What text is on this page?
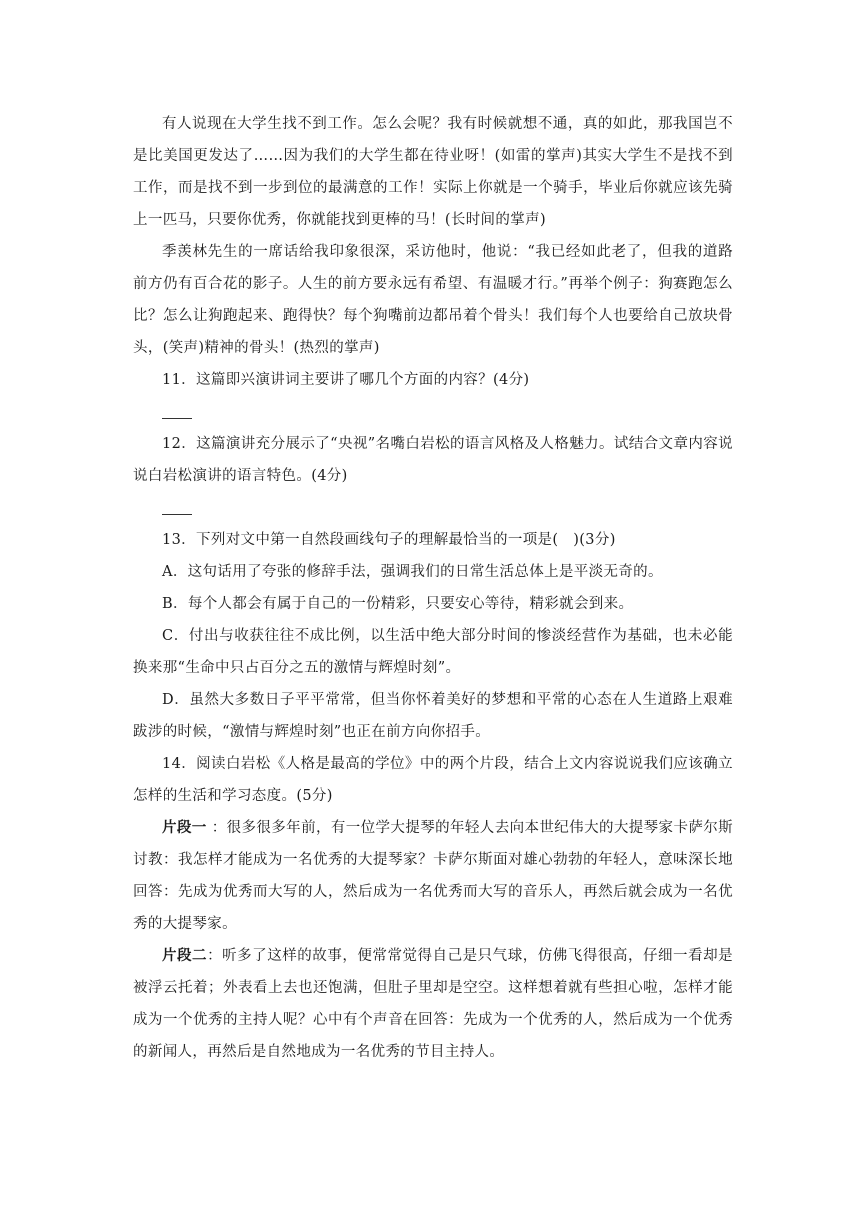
有人说现在大学生找不到工作。怎么会呢？我有时候就想不通，真的如此，那我国岂不是比美国更发达了……因为我们的大学生都在待业呀！(如雷的掌声)其实大学生不是找不到工作，而是找不到一步到位的最满意的工作！实际上你就是一个骑手，毕业后你就应该先骑上一匹马，只要你优秀，你就能找到更棒的马！(长时间的掌声)

季羡林先生的一席话给我印象很深，采访他时，他说：“我已经如此老了，但我的道路前方仍有百合花的影子。人生的前方要永远有希望、有温暖才行。”再举个例子：狗赛跑怎么比？怎么让狗跑起来、跑得快？每个狗嘴前边都吊着个骨头！我们每个人也要给自己放块骨头，(笑声)精神的骨头！(热烈的掌声)

11．这篇即兴演讲词主要讲了哪几个方面的内容？(4分)

12．这篇演讲充分展示了“央视”名嘴白岩松的语言风格及人格魅力。试结合文章内容说说白岩松演讲的语言特色。(4分)

13．下列对文中第一自然段画线句子的理解最恰当的一项是(　)(3分)

A．这句话用了夸张的修辞手法，强调我们的日常生活总体上是平淡无奇的。

B．每个人都会有属于自己的一份精彩，只要安心等待，精彩就会到来。

C．付出与收获往往不成比例，以生活中绝大部分时间的惨淡经营作为基础，也未必能换来那“生命中只占百分之五的激情与辉煌时刻”。

D．虽然大多数日子平平常常，但当你怀着美好的梦想和平常的心态在人生道路上艰难跋涉的时候，“激情与辉煌时刻”也正在前方向你招手。

14．阅读白岩松《人格是最高的学位》中的两个片段，结合上文内容说说我们应该确立怎样的生活和学习态度。(5分)

片段一 ：很多很多年前，有一位学大提琴的年轻人去向本世纪伟大的大提琴家卡萨尔斯讨教：我怎样才能成为一名优秀的大提琴家？卡萨尔斯面对雄心勃勃的年轻人，意味深长地回答：先成为优秀而大写的人，然后成为一名优秀而大写的音乐人，再然后就会成为一名优秀的大提琴家。

片段二：听多了这样的故事，便常常觉得自己是只气球，仿佛飞得很高，仔细一看却是被浮云托着；外表看上去也还饱满，但肚子里却是空空。这样想着就有些担心啦，怎样才能成为一个优秀的主持人呢？心中有个声音在回答：先成为一个优秀的人，然后成为一个优秀的新闻人，再然后是自然地成为一名优秀的节目主持人。
